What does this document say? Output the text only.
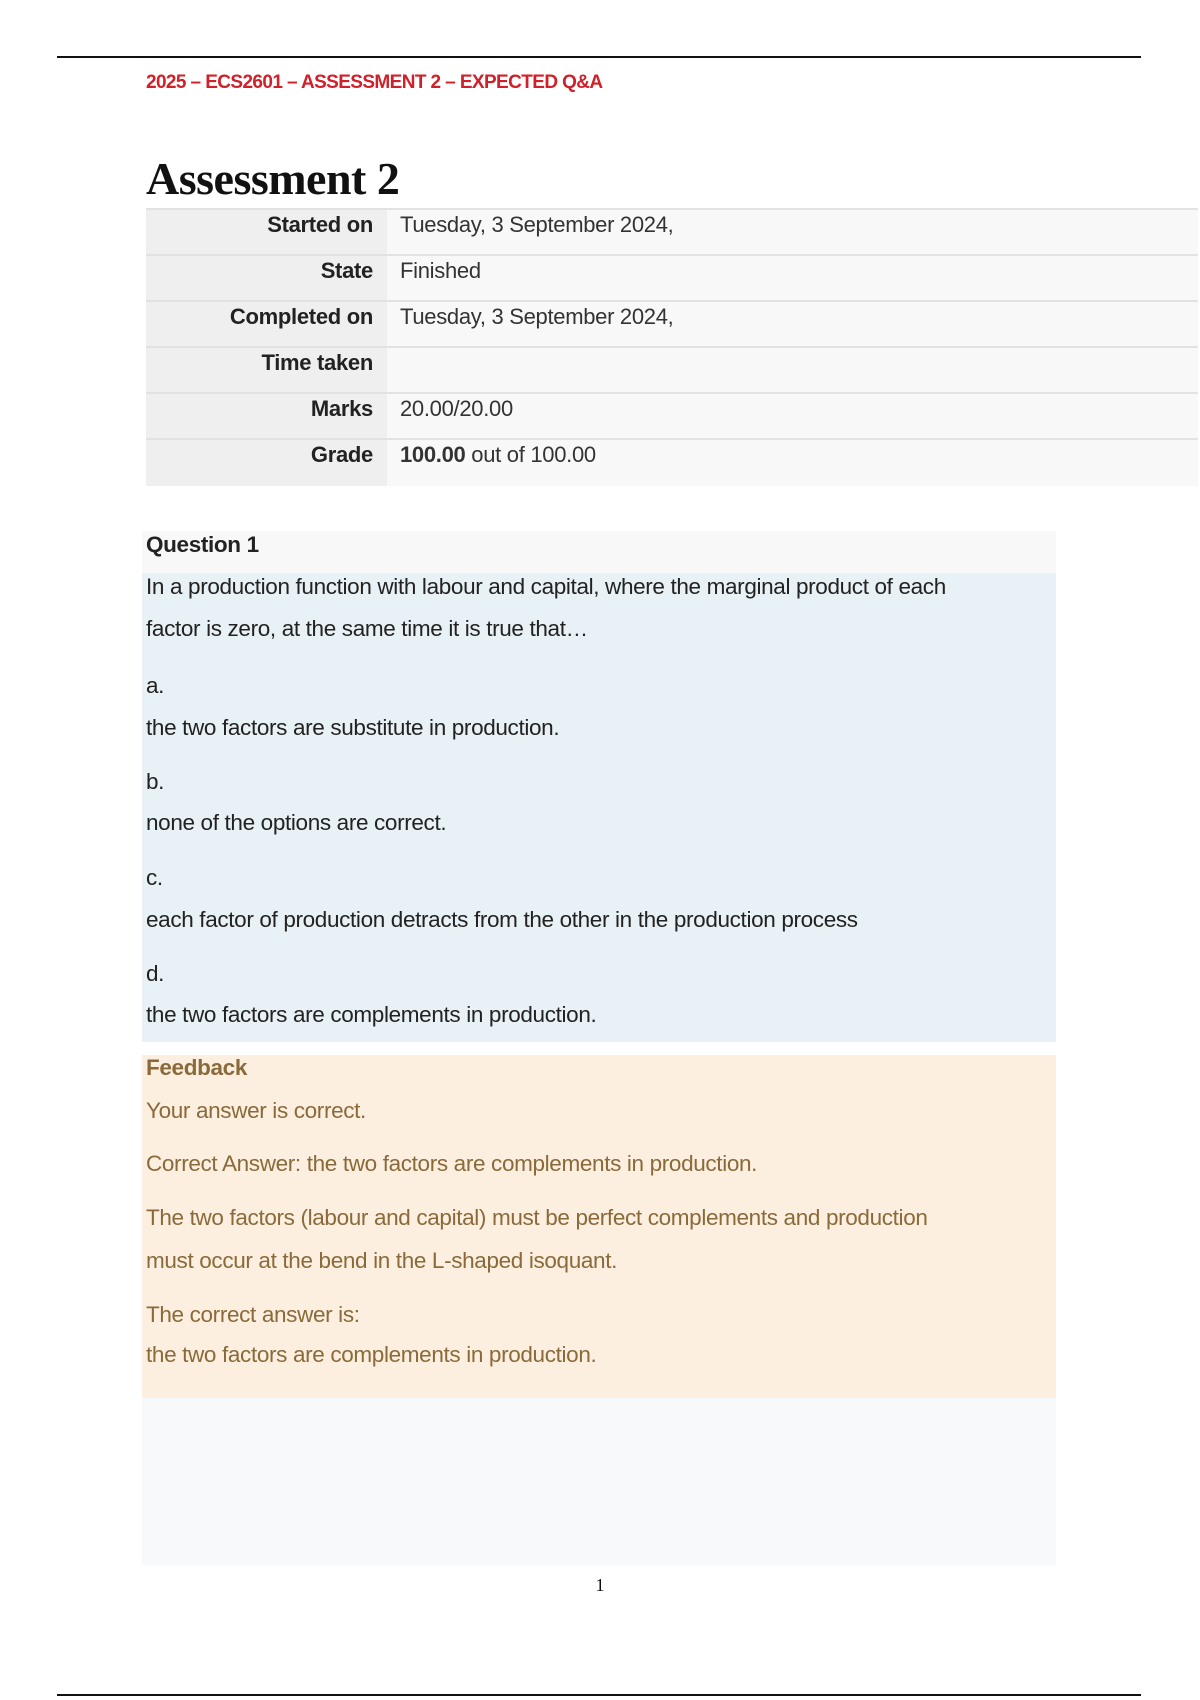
2025 – ECS2601 – ASSESSMENT 2 – EXPECTED Q&A
Assessment 2
Started on	Tuesday, 3 September 2024,
State	Finished
Completed on	Tuesday, 3 September 2024,
Time taken
Marks	20.00/20.00
Grade	100.00 out of 100.00
Question 1
In a production function with labour and capital, where the marginal product of each
factor is zero, at the same time it is true that…
a.
the two factors are substitute in production.
b.
none of the options are correct.
c.
each factor of production detracts from the other in the production process
d.
the two factors are complements in production.
Feedback
Your answer is correct.
Correct Answer: the two factors are complements in production.
The two factors (labour and capital) must be perfect complements and production
must occur at the bend in the L-shaped isoquant.
The correct answer is:
the two factors are complements in production.
1
